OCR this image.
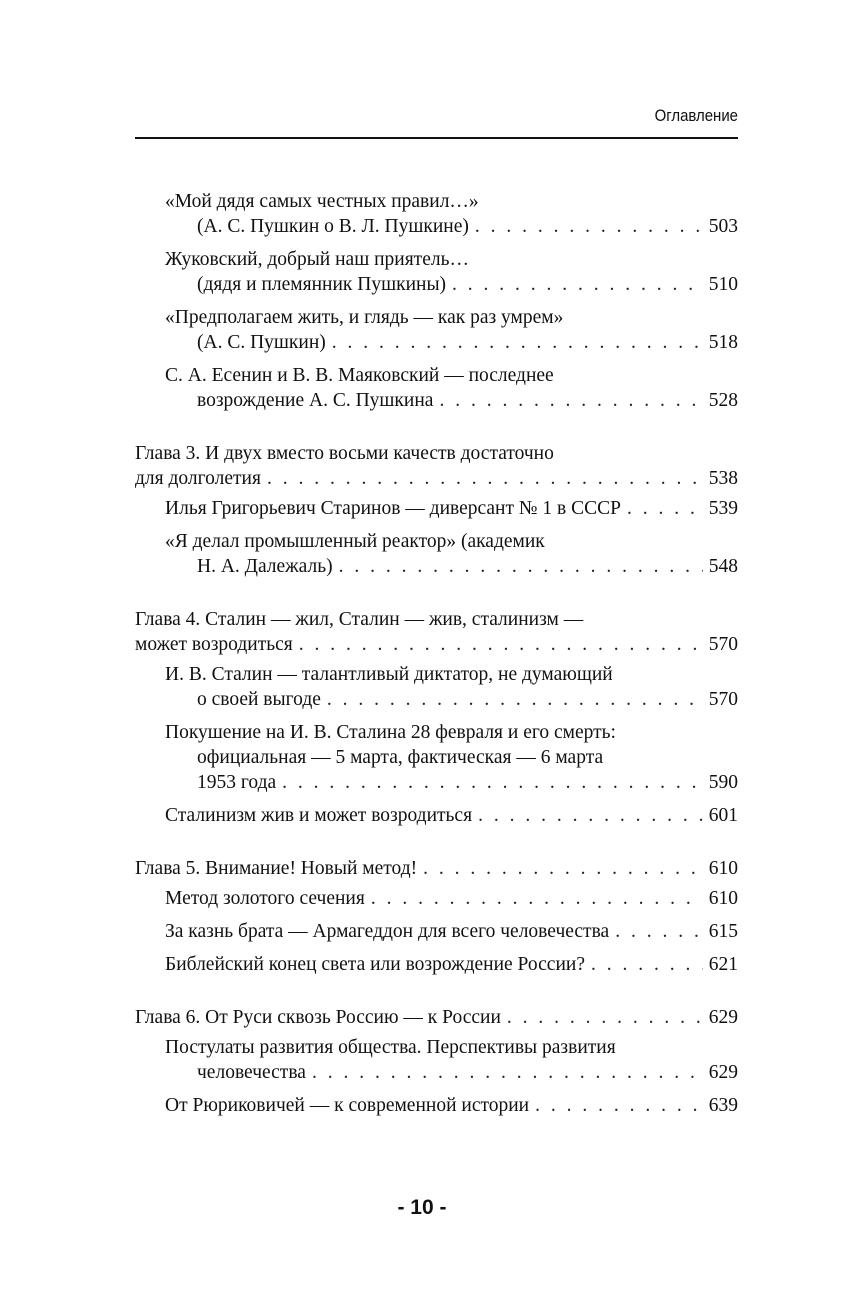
Оглавление
«Мой дядя самых честных правил…»
(А. С. Пушкин о В. Л. Пушкине) . . .	503
Жуковский, добрый наш приятель…
(дядя и племянник Пушкины) . . .	510
«Предполагаем жить, и глядь — как раз умрем»
(А. С. Пушкин) . . .	518
С. А. Есенин и В. В. Маяковский — последнее
возрождение А. С. Пушкина . . .	528
Глава 3. И двух вместо восьми качеств достаточно
для долголетия . . .	538
Илья Григорьевич Старинов — диверсант № 1 в СССР . . .	539
«Я делал промышленный реактор» (академик
Н. А. Далежаль) . . .	548
Глава 4. Сталин — жил, Сталин — жив, сталинизм —
может возродиться . . .	570
И. В. Сталин — талантливый диктатор, не думающий
о своей выгоде . . .	570
Покушение на И. В. Сталина 28 февраля и его смерть:
официальная — 5 марта, фактическая — 6 марта
1953 года . . .	590
Сталинизм жив и может возродиться . . .	601
Глава 5. Внимание! Новый метод! . . .	610
Метод золотого сечения . . .	610
За казнь брата — Армагеддон для всего человечества . . .	615
Библейский конец света или возрождение России? . . .	621
Глава 6. От Руси сквозь Россию — к России . . .	629
Постулаты развития общества. Перспективы развития
человечества . . .	629
От Рюриковичей — к современной истории . . .	639
- 10 -
